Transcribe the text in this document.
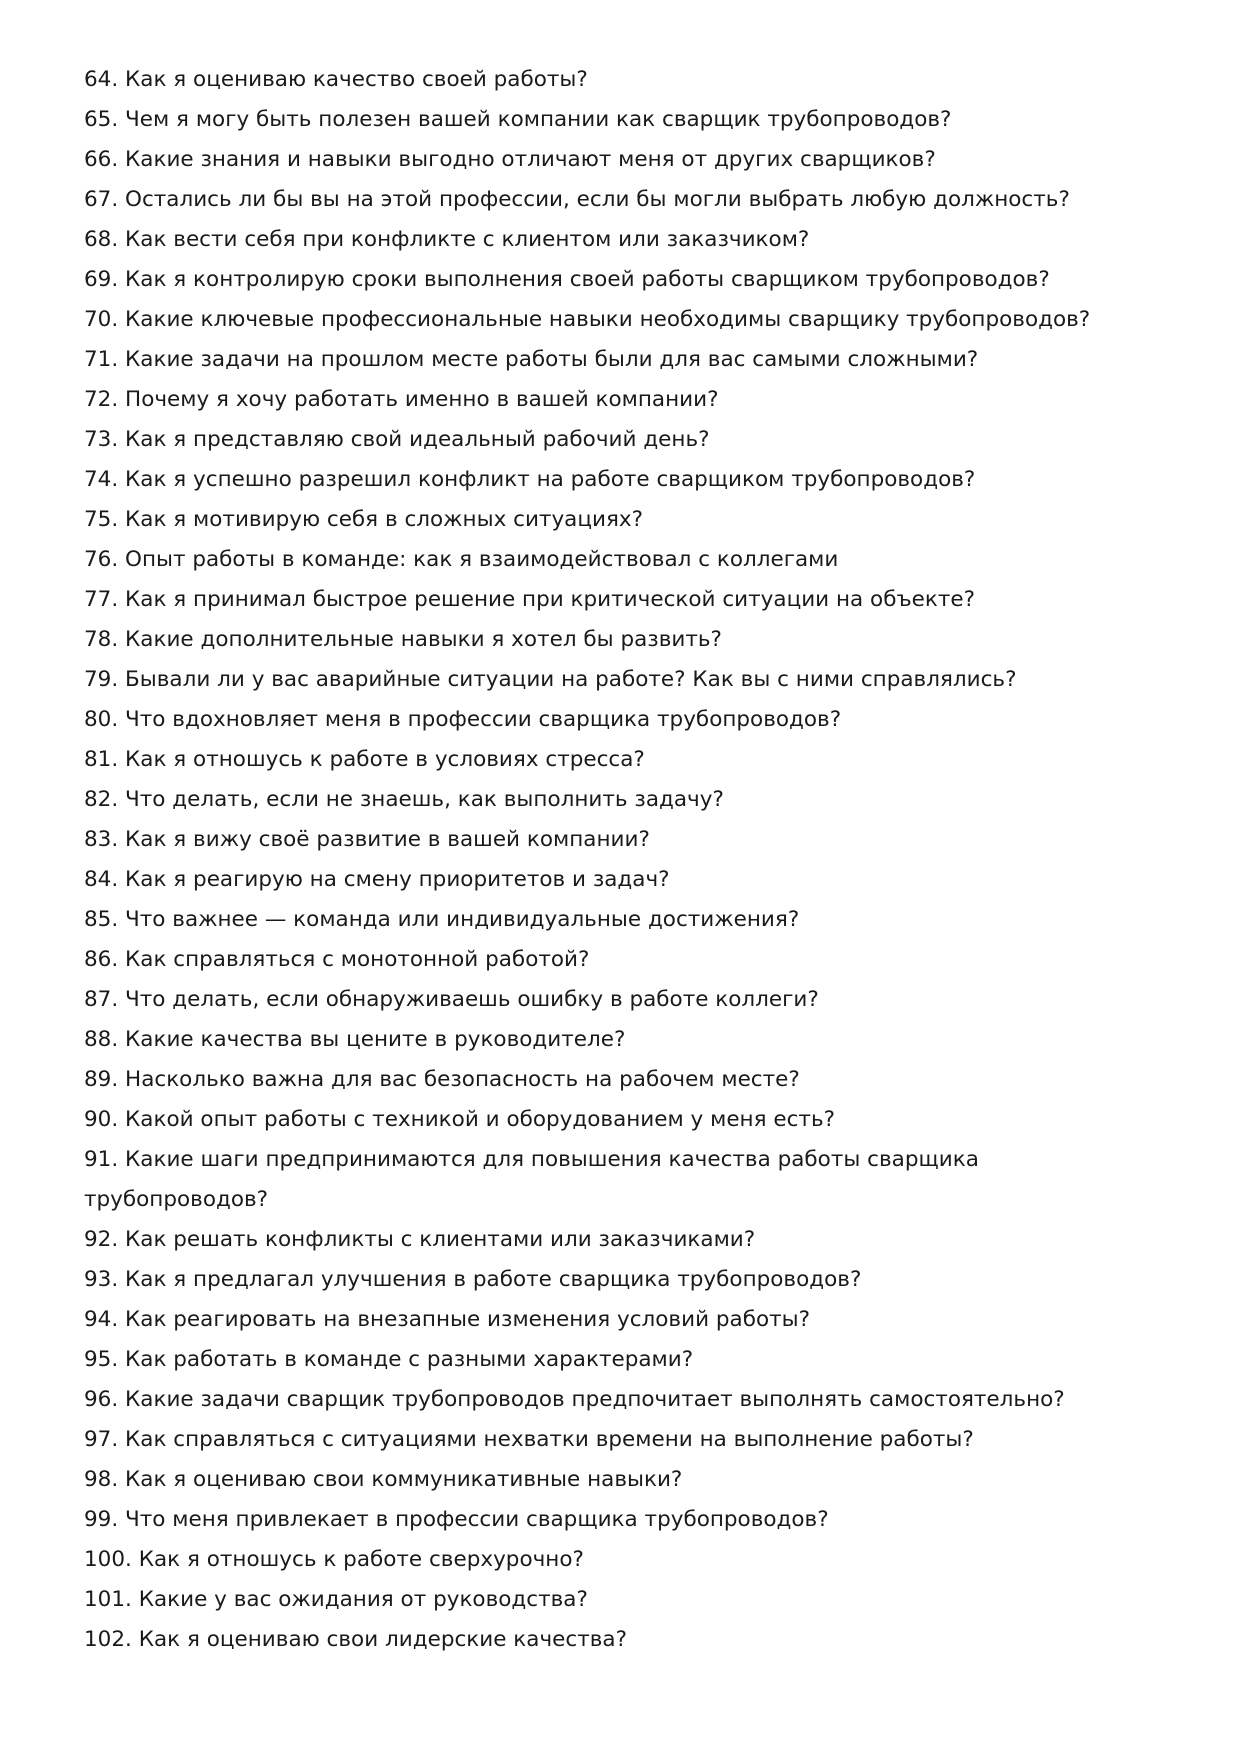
64. Как я оцениваю качество своей работы?
65. Чем я могу быть полезен вашей компании как сварщик трубопроводов?
66. Какие знания и навыки выгодно отличают меня от других сварщиков?
67. Остались ли бы вы на этой профессии, если бы могли выбрать любую должность?
68. Как вести себя при конфликте с клиентом или заказчиком?
69. Как я контролирую сроки выполнения своей работы сварщиком трубопроводов?
70. Какие ключевые профессиональные навыки необходимы сварщику трубопроводов?
71. Какие задачи на прошлом месте работы были для вас самыми сложными?
72. Почему я хочу работать именно в вашей компании?
73. Как я представляю свой идеальный рабочий день?
74. Как я успешно разрешил конфликт на работе сварщиком трубопроводов?
75. Как я мотивирую себя в сложных ситуациях?
76. Опыт работы в команде: как я взаимодействовал с коллегами
77. Как я принимал быстрое решение при критической ситуации на объекте?
78. Какие дополнительные навыки я хотел бы развить?
79. Бывали ли у вас аварийные ситуации на работе? Как вы с ними справлялись?
80. Что вдохновляет меня в профессии сварщика трубопроводов?
81. Как я отношусь к работе в условиях стресса?
82. Что делать, если не знаешь, как выполнить задачу?
83. Как я вижу своё развитие в вашей компании?
84. Как я реагирую на смену приоритетов и задач?
85. Что важнее — команда или индивидуальные достижения?
86. Как справляться с монотонной работой?
87. Что делать, если обнаруживаешь ошибку в работе коллеги?
88. Какие качества вы цените в руководителе?
89. Насколько важна для вас безопасность на рабочем месте?
90. Какой опыт работы с техникой и оборудованием у меня есть?
91. Какие шаги предпринимаются для повышения качества работы сварщика трубопроводов?
92. Как решать конфликты с клиентами или заказчиками?
93. Как я предлагал улучшения в работе сварщика трубопроводов?
94. Как реагировать на внезапные изменения условий работы?
95. Как работать в команде с разными характерами?
96. Какие задачи сварщик трубопроводов предпочитает выполнять самостоятельно?
97. Как справляться с ситуациями нехватки времени на выполнение работы?
98. Как я оцениваю свои коммуникативные навыки?
99. Что меня привлекает в профессии сварщика трубопроводов?
100. Как я отношусь к работе сверхурочно?
101. Какие у вас ожидания от руководства?
102. Как я оцениваю свои лидерские качества?
